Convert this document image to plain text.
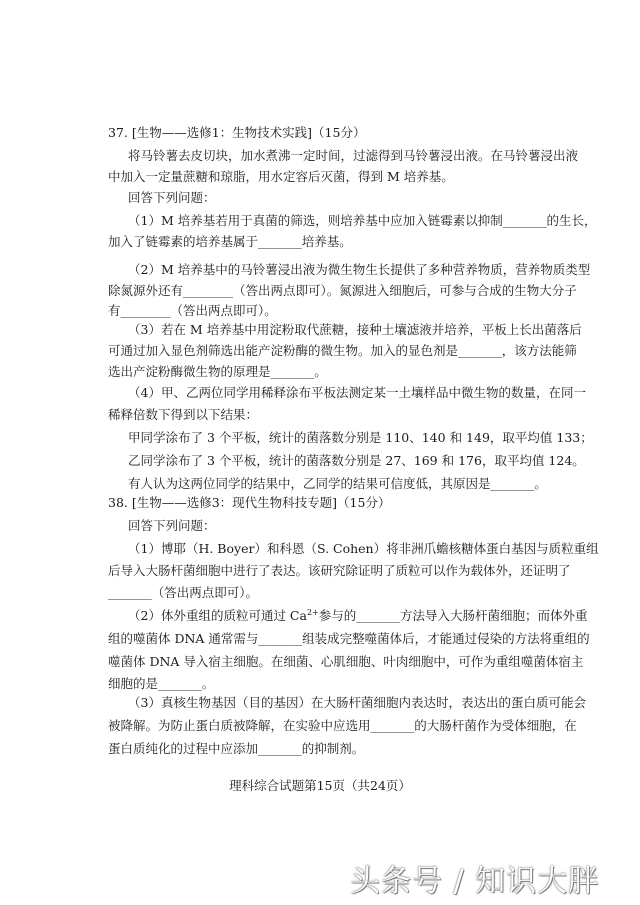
37. [生物——选修1：生物技术实践]（15分）
将马铃薯去皮切块，加水煮沸一定时间，过滤得到马铃薯浸出液。在马铃薯浸出液
中加入一定量蔗糖和琼脂，用水定容后灭菌，得到 M 培养基。
回答下列问题：
（1）M 培养基若用于真菌的筛选，则培养基中应加入链霉素以抑制_______的生长，
加入了链霉素的培养基属于_______培养基。
（2）M 培养基中的马铃薯浸出液为微生物生长提供了多种营养物质，营养物质类型
除氮源外还有________（答出两点即可）。氮源进入细胞后，可参与合成的生物大分子
有________（答出两点即可）。
（3）若在 M 培养基中用淀粉取代蔗糖，接种土壤滤液并培养，平板上长出菌落后
可通过加入显色剂筛选出能产淀粉酶的微生物。加入的显色剂是_______，该方法能筛
选出产淀粉酶微生物的原理是_______。
（4）甲、乙两位同学用稀释涂布平板法测定某一土壤样品中微生物的数量，在同一
稀释倍数下得到以下结果：
甲同学涂布了 3 个平板，统计的菌落数分别是 110、140 和 149，取平均值 133；
乙同学涂布了 3 个平板，统计的菌落数分别是 27、169 和 176，取平均值 124。
有人认为这两位同学的结果中，乙同学的结果可信度低，其原因是_______。
38. [生物——选修3：现代生物科技专题]（15分）
回答下列问题：
（1）博耶（H. Boyer）和科恩（S. Cohen）将非洲爪蟾核糖体蛋白基因与质粒重组
后导入大肠杆菌细胞中进行了表达。该研究除证明了质粒可以作为载体外，还证明了
_______（答出两点即可）。
（2）体外重组的质粒可通过 $Ca^{2+}$参与的_______方法导入大肠杆菌细胞；而体外重
组的噬菌体 DNA 通常需与_______组装成完整噬菌体后，才能通过侵染的方法将重组的
噬菌体 DNA 导入宿主细胞。在细菌、心肌细胞、叶肉细胞中，可作为重组噬菌体宿主
细胞的是_______。
（3）真核生物基因（目的基因）在大肠杆菌细胞内表达时，表达出的蛋白质可能会
被降解。为防止蛋白质被降解，在实验中应选用_______的大肠杆菌作为受体细胞，在
理科综合试题第15页（共24页）
头条号 / 知识大胖
蛋白质纯化的过程中应添加_______的抑制剂。
